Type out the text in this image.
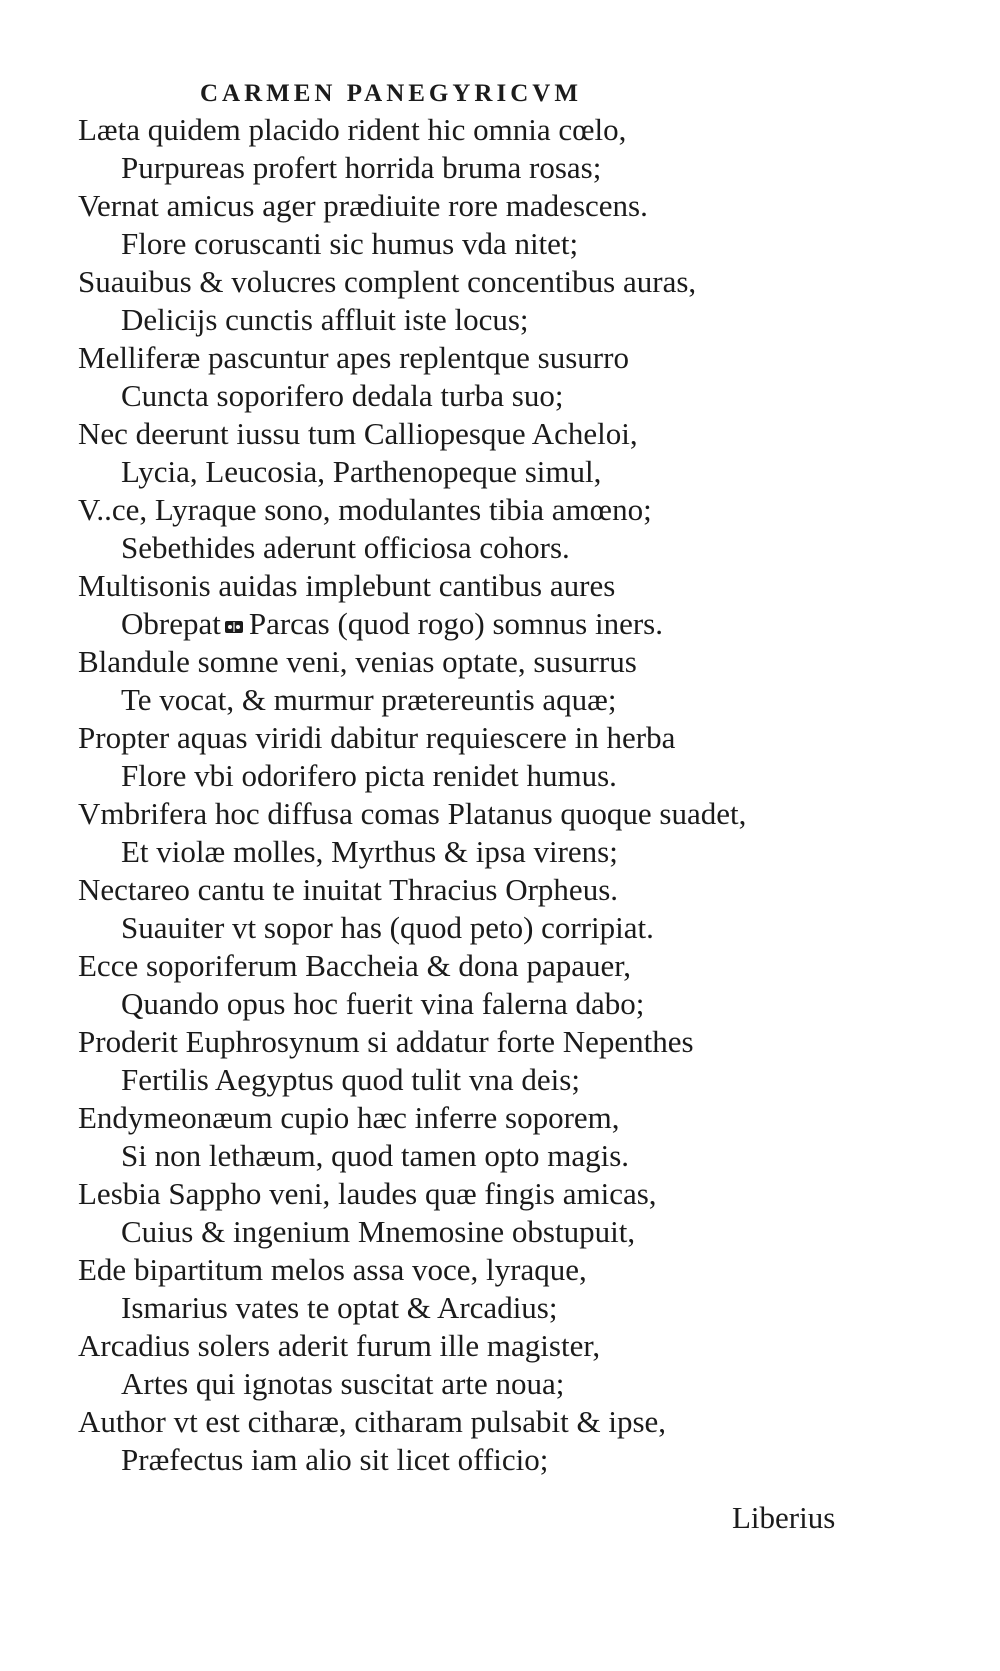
CARMEN PANEGYRICVM
Læta quidem placido rident hic omnia cœlo,
Purpureas profert horrida bruma rosas;
Vernat amicus ager prædiuite rore madescens.
Flore coruscanti sic humus vda nitet;
Suauibus & volucres complent concentibus auras,
Delicijs cunctis affluit iste locus;
Melliferæ pascuntur apes replentque susurro
Cuncta soporifero dedala turba suo;
Nec deerunt iussu tum Calliopesque Acheloi,
Lycia, Leucosia, Parthenopeque simul,
V..ce, Lyraque sono, modulantes tibia amœno;
Sebethides aderunt officiosa cohors.
Multisonis auidas implebunt cantibus aures
Obrepat Parcas (quod rogo) somnus iners.
Blandule somne veni, venias optate, susurrus
Te vocat, & murmur prætereuntis aquæ;
Propter aquas viridi dabitur requiescere in herba
Flore vbi odorifero picta renidet humus.
Vmbrifera hoc diffusa comas Platanus quoque suadet,
Et violæ molles, Myrthus & ipsa virens;
Nectareo cantu te inuitat Thracius Orpheus.
Suauiter vt sopor has (quod peto) corripiat.
Ecce soporiferum Baccheia & dona papauer,
Quando opus hoc fuerit vina falerna dabo;
Proderit Euphrosynum si addatur forte Nepenthes
Fertilis Aegyptus quod tulit vna deis;
Endymeonæum cupio hæc inferre soporem,
Si non lethæum, quod tamen opto magis.
Lesbia Sappho veni, laudes quæ fingis amicas,
Cuius & ingenium Mnemosine obstupuit,
Ede bipartitum melos assa voce, lyraque,
Ismarius vates te optat & Arcadius;
Arcadius solers aderit furum ille magister,
Artes qui ignotas suscitat arte noua;
Author vt est citharæ, citharam pulsabit & ipse,
Præfectus iam alio sit licet officio;
Liberius
